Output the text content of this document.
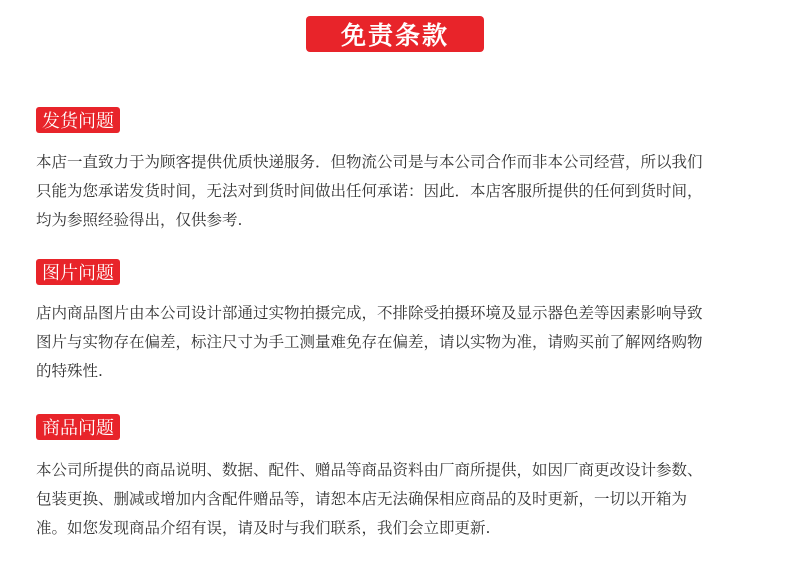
免责条款
发货问题
本店一直致力于为顾客提供优质快递服务．但物流公司是与本公司合作而非本公司经营，所以我们
只能为您承诺发货时间，无法对到货时间做出任何承诺：因此．本店客服所提供的任何到货时间，
均为参照经验得出，仅供参考.
图片问题
店内商品图片由本公司设计部通过实物拍摄完成，不排除受拍摄环境及显示器色差等因素影响导致
图片与实物存在偏差，标注尺寸为手工测量难免存在偏差，请以实物为准，请购买前了解网络购物
的特殊性.
商品问题
本公司所提供的商品说明、数据、配件、赠品等商品资料由厂商所提供，如因厂商更改设计参数、
包装更换、删减或增加内含配件赠品等，请恕本店无法确保相应商品的及时更新，一切以开箱为
准。如您发现商品介绍有误，请及时与我们联系，我们会立即更新.
